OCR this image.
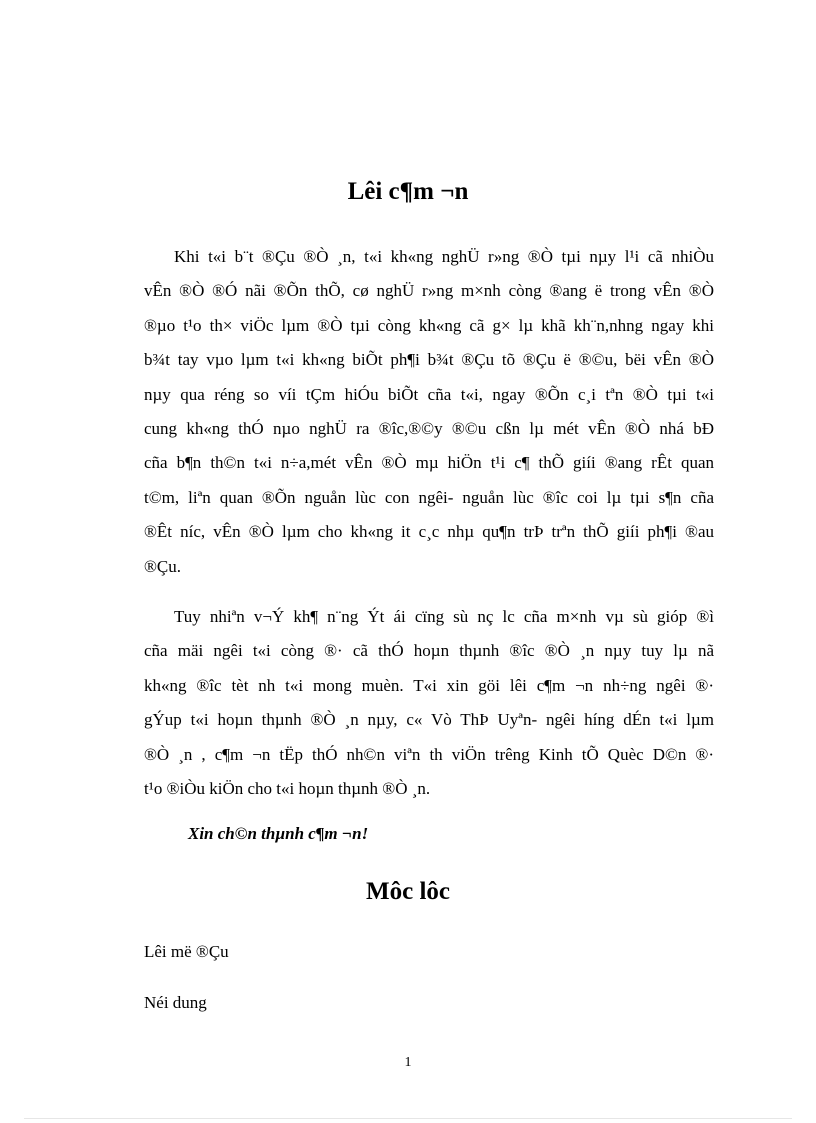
Lêi c¶m ¬n
Khi t«i b¨t ®Çu ®Ò ¸n, t«i kh«ng nghÜ r»ng ®Ò tµi nµy l¹i cã nhiÒu
vÊn ®Ò ®Ó nãi ®Õn thÕ, cø nghÜ r»ng m×nh còng ®ang ë trong vÊn ®Ò
®µo t¹o th× viÖc lµm ®Ò tµi còng kh«ng cã g× lµ khã kh¨n,nhng ngay khi
b¾t tay vµo lµm t«i kh«ng biÕt ph¶i b¾t ®Çu tõ ®Çu ë ®©u, bëi vÊn ®Ò
nµy qua réng so víi tÇm hiÓu biÕt cña t«i, ngay ®Õn c¸i tªn ®Ò tµi t«i
cung kh«ng thÓ nµo nghÜ ra ®îc,®©y ®©u cßn lµ mét vÊn ®Ò nhá bÐ
cña b¶n th©n t«i n÷a,mét vÊn ®Ò mµ hiÖn t¹i c¶ thÕ giíi ®ang rÊt quan
t©m, liªn quan ®Õn nguån lùc con ngêi- nguån lùc ®îc coi lµ tµi s¶n cña
®Êt níc, vÊn ®Ò lµm cho kh«ng it c¸c nhµ qu¶n trÞ trªn thÕ giíi ph¶i ®au
®Çu.
Tuy nhiªn v¬Ý kh¶ n¨ng Ýt ái cïng sù nç lc cña m×nh vµ sù gióp ®ì
cña mäi ngêi t«i còng ®· cã thÓ hoµn thµnh ®îc ®Ò ¸n nµy tuy lµ nã
kh«ng ®îc tèt nh t«i mong muèn. T«i xin göi lêi c¶m ¬n nh÷ng ngêi ®·
gÝup t«i hoµn thµnh ®Ò ¸n nµy, c« Vò ThÞ Uyªn- ngêi híng dÉn t«i lµm
®Ò ¸n , c¶m ¬n tËp thÓ nh©n viªn th viÖn trêng Kinh tÕ Quèc D©n ®·
t¹o ®iÒu kiÖn cho t«i hoµn thµnh ®Ò ¸n.

Xin ch©n thµnh c¶m ¬n!

Môc lôc

Lêi më ®Çu

Néi dung

1
